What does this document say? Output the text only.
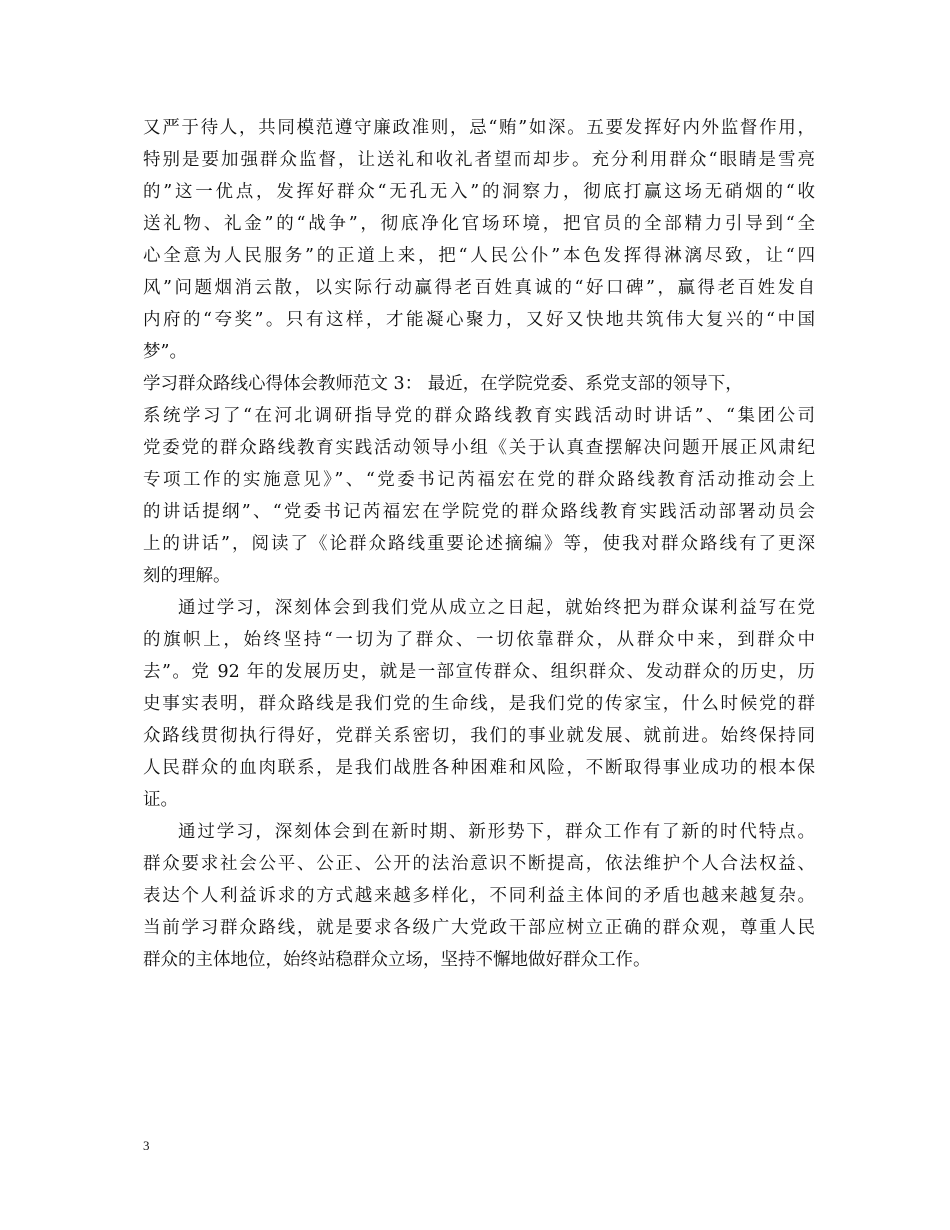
又严于待人，共同模范遵守廉政准则，忌“贿”如深。五要发挥好内外监督作用，
特别是要加强群众监督，让送礼和收礼者望而却步。充分利用群众“眼睛是雪亮
的”这一优点，发挥好群众“无孔无入”的洞察力，彻底打赢这场无硝烟的“收
送礼物、礼金”的“战争”，彻底净化官场环境，把官员的全部精力引导到“全
心全意为人民服务”的正道上来，把“人民公仆”本色发挥得淋漓尽致，让“四
风”问题烟消云散，以实际行动赢得老百姓真诚的“好口碑”，赢得老百姓发自
内府的“夸奖”。只有这样，才能凝心聚力，又好又快地共筑伟大复兴的“中国
梦”。
学习群众路线心得体会教师范文 3： 最近，在学院党委、系党支部的领导下，
系统学习了“在河北调研指导党的群众路线教育实践活动时讲话”、“集团公司
党委党的群众路线教育实践活动领导小组《关于认真查摆解决问题开展正风肃纪
专项工作的实施意见》”、“党委书记芮福宏在党的群众路线教育活动推动会上
的讲话提纲”、“党委书记芮福宏在学院党的群众路线教育实践活动部署动员会
上的讲话”，阅读了《论群众路线重要论述摘编》等，使我对群众路线有了更深
刻的理解。
通过学习，深刻体会到我们党从成立之日起，就始终把为群众谋利益写在党
的旗帜上，始终坚持“一切为了群众、一切依靠群众，从群众中来，到群众中
去”。党 92 年的发展历史，就是一部宣传群众、组织群众、发动群众的历史，历
史事实表明，群众路线是我们党的生命线，是我们党的传家宝，什么时候党的群
众路线贯彻执行得好，党群关系密切，我们的事业就发展、就前进。始终保持同
人民群众的血肉联系，是我们战胜各种困难和风险，不断取得事业成功的根本保
证。
通过学习，深刻体会到在新时期、新形势下，群众工作有了新的时代特点。
群众要求社会公平、公正、公开的法治意识不断提高，依法维护个人合法权益、
表达个人利益诉求的方式越来越多样化，不同利益主体间的矛盾也越来越复杂。
当前学习群众路线，就是要求各级广大党政干部应树立正确的群众观，尊重人民
群众的主体地位，始终站稳群众立场，坚持不懈地做好群众工作。
3
